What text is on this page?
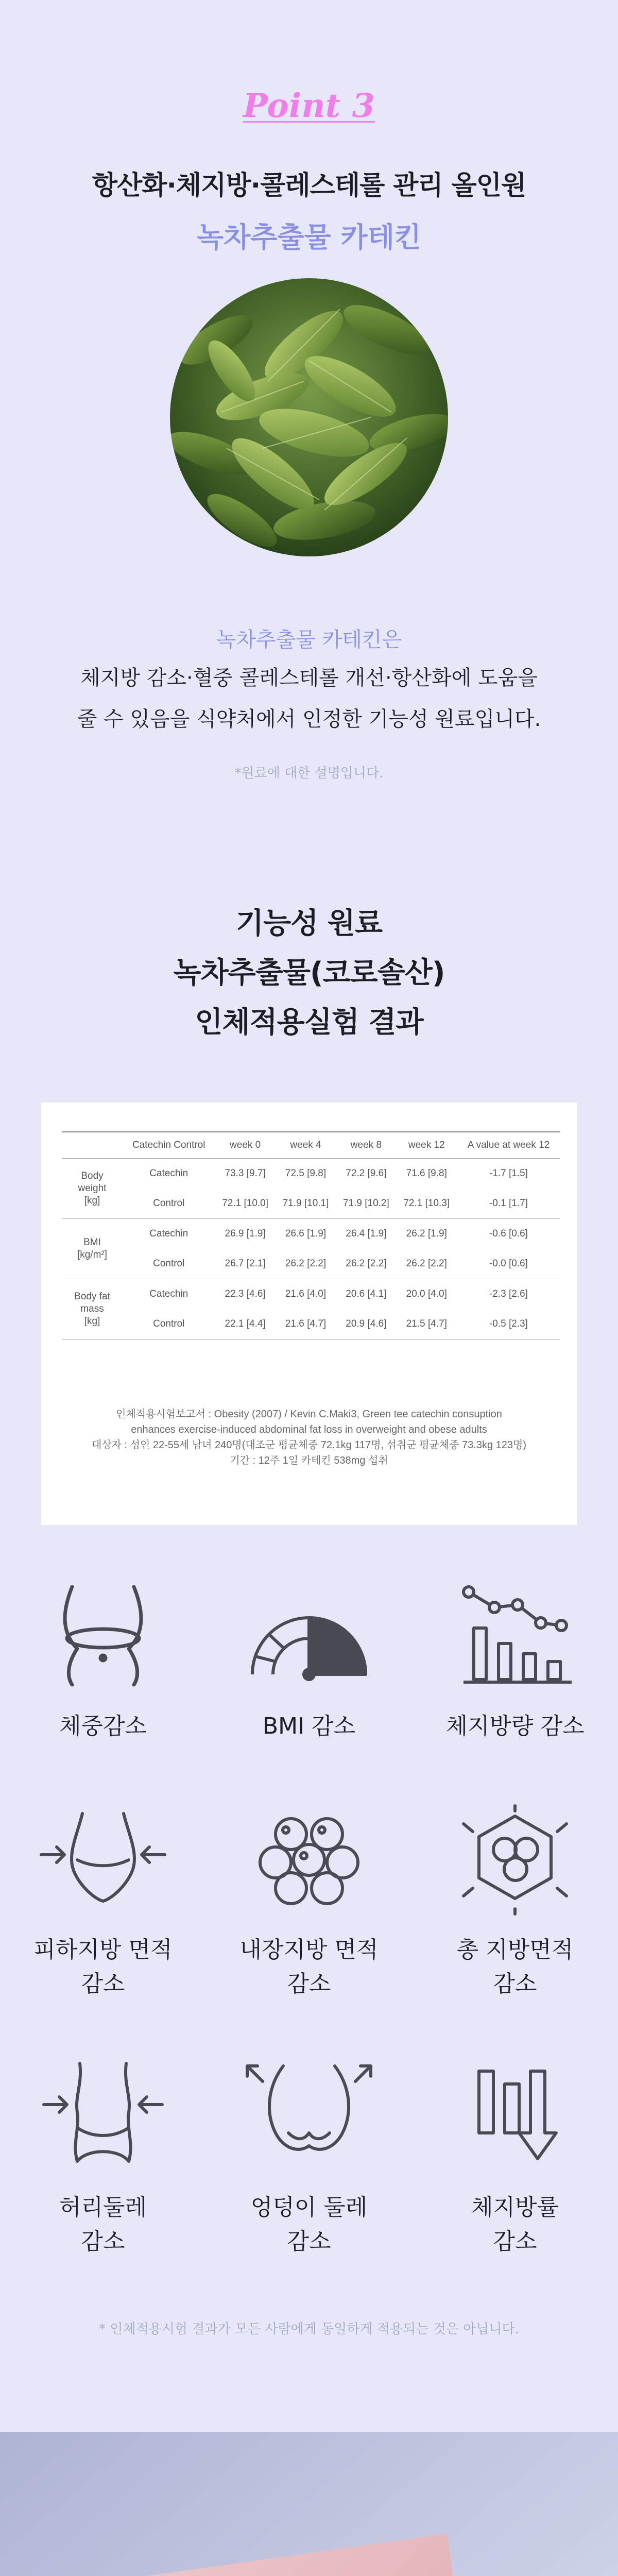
Point 3
항산화·체지방·콜레스테롤 관리 올인원
녹차추출물 카테킨
녹차추출물 카테킨은
체지방 감소·혈중 콜레스테롤 개선·항산화에 도움을
줄 수 있음을 식약처에서 인정한 기능성 원료입니다.
*원료에 대한 설명입니다.
기능성 원료
녹차추출물(코로솔산)
인체적용실험 결과
	Catechin Control	week 0	week 4	week 8	week 12	A value at week 12

Body
weight
[kg]	Catechin	73.3 [9.7]	72.5 [9.8]	72.2 [9.6]	71.6 [9.8]	-1.7 [1.5]
	Control	72.1 [10.0]	71.9 [10.1]	71.9 [10.2]	72.1 [10.3]	-0.1 [1.7]

BMI
[kg/m²]	Catechin	26.9 [1.9]	26.6 [1.9]	26.4 [1.9]	26.2 [1.9]	-0.6 [0.6]
	Control	26.7 [2.1]	26.2 [2.2]	26.2 [2.2]	26.2 [2.2]	-0.0 [0.6]

Body fat
mass
[kg]	Catechin	22.3 [4.6]	21.6 [4.0]	20.6 [4.1]	20.0 [4.0]	-2.3 [2.6]
	Control	22.1 [4.4]	21.6 [4.7]	20.9 [4.6]	21.5 [4.7]	-0.5 [2.3]
인체적용시험보고서 : Obesity (2007) / Kevin C.Maki3, Green tee catechin consuption
enhances exercise-induced abdominal fat loss in overweight and obese adults
대상자 : 성인 22-55세 남녀 240명(대조군 평균체중 72.1kg 117명, 섭취군 평균체중 73.3kg 123명)
기간 : 12주 1일 카테킨 538mg 섭취
체중감소	BMI 감소	체지방량 감소
피하지방 면적
감소
내장지방 면적
감소
총 지방면적
감소
허리둘레
감소
엉덩이 둘레
감소
체지방률
감소
* 인체적용시험 결과가 모든 사람에게 동일하게 적용되는 것은 아닙니다.
